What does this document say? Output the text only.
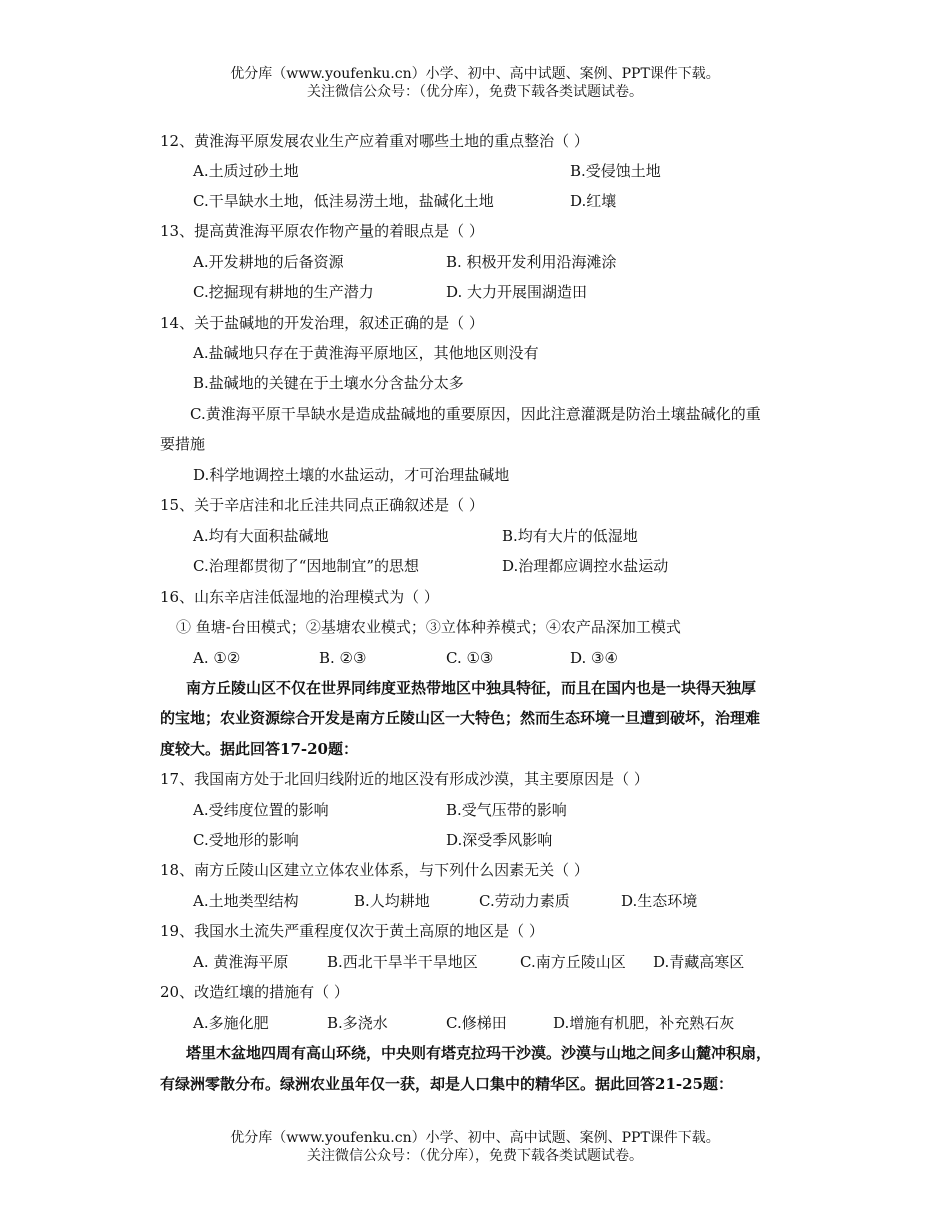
优分库（www.youfenku.cn）小学、初中、高中试题、案例、PPT课件下载。
关注微信公众号：（优分库），免费下载各类试题试卷。
12、黄淮海平原发展农业生产应着重对哪些土地的重点整治（ ）
A.土质过砂土地	B.受侵蚀土地
C.干旱缺水土地，低洼易涝土地，盐碱化土地	D.红壤
13、提高黄淮海平原农作物产量的着眼点是（ ）
A.开发耕地的后备资源	B. 积极开发利用沿海滩涂
C.挖掘现有耕地的生产潜力	D. 大力开展围湖造田
14、关于盐碱地的开发治理，叙述正确的是（ ）
A.盐碱地只存在于黄淮海平原地区，其他地区则没有
B.盐碱地的关键在于土壤水分含盐分太多
C.黄淮海平原干旱缺水是造成盐碱地的重要原因，因此注意灌溉是防治土壤盐碱化的重
要措施
D.科学地调控土壤的水盐运动，才可治理盐碱地
15、关于辛店洼和北丘洼共同点正确叙述是（ ）
A.均有大面积盐碱地	B.均有大片的低湿地
C.治理都贯彻了“因地制宜”的思想	D.治理都应调控水盐运动
16、山东辛店洼低湿地的治理模式为（ ）
① 鱼塘-台田模式；②基塘农业模式；③立体种养模式；④农产品深加工模式
A. ①②	B. ②③	C. ①③	D. ③④
南方丘陵山区不仅在世界同纬度亚热带地区中独具特征，而且在国内也是一块得天独厚
的宝地；农业资源综合开发是南方丘陵山区一大特色；然而生态环境一旦遭到破坏，治理难
度较大。据此回答17-20题：
17、我国南方处于北回归线附近的地区没有形成沙漠，其主要原因是（ ）
A.受纬度位置的影响	B.受气压带的影响
C.受地形的影响	D.深受季风影响
18、南方丘陵山区建立立体农业体系，与下列什么因素无关（ ）
A.土地类型结构	B.人均耕地	C.劳动力素质	D.生态环境
19、我国水土流失严重程度仅次于黄土高原的地区是（ ）
A. 黄淮海平原	B.西北干旱半干旱地区	C.南方丘陵山区 D.青藏高寒区
20、改造红壤的措施有（ ）
A.多施化肥	B.多浇水	C.修梯田	D.增施有机肥，补充熟石灰
塔里木盆地四周有高山环绕，中央则有塔克拉玛干沙漠。沙漠与山地之间多山麓冲积扇，
有绿洲零散分布。绿洲农业虽年仅一获，却是人口集中的精华区。据此回答21-25题：
优分库（www.youfenku.cn）小学、初中、高中试题、案例、PPT课件下载。
关注微信公众号：（优分库），免费下载各类试题试卷。
